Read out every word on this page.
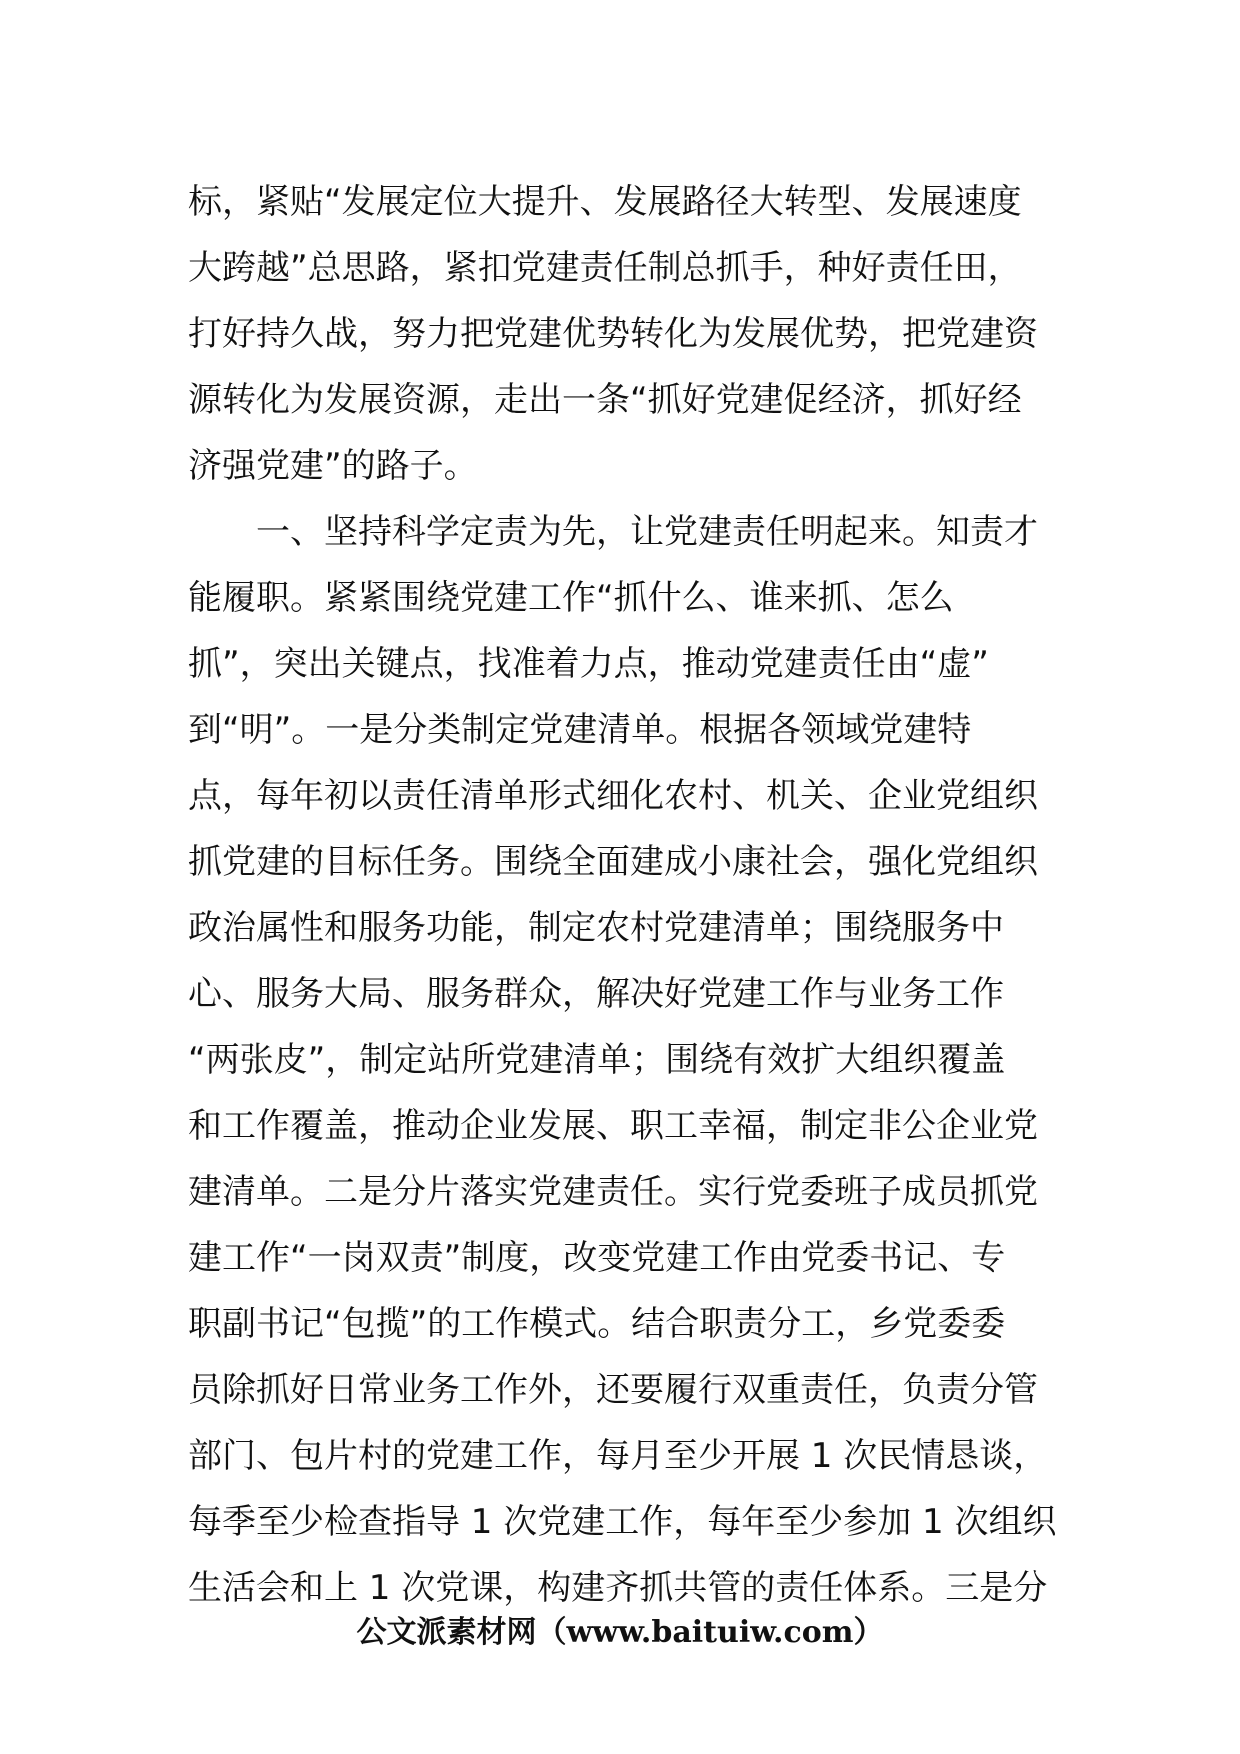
标，紧贴“发展定位大提升、发展路径大转型、发展速度
大跨越”总思路，紧扣党建责任制总抓手，种好责任田，
打好持久战，努力把党建优势转化为发展优势，把党建资
源转化为发展资源，走出一条“抓好党建促经济，抓好经
济强党建”的路子。
一、坚持科学定责为先，让党建责任明起来。知责才
能履职。紧紧围绕党建工作“抓什么、谁来抓、怎么
抓”，突出关键点，找准着力点，推动党建责任由“虚”
到“明”。一是分类制定党建清单。根据各领域党建特
点，每年初以责任清单形式细化农村、机关、企业党组织
抓党建的目标任务。围绕全面建成小康社会，强化党组织
政治属性和服务功能，制定农村党建清单；围绕服务中
心、服务大局、服务群众，解决好党建工作与业务工作
“两张皮”，制定站所党建清单；围绕有效扩大组织覆盖
和工作覆盖，推动企业发展、职工幸福，制定非公企业党
建清单。二是分片落实党建责任。实行党委班子成员抓党
建工作“一岗双责”制度，改变党建工作由党委书记、专
职副书记“包揽”的工作模式。结合职责分工，乡党委委
员除抓好日常业务工作外，还要履行双重责任，负责分管
部门、包片村的党建工作，每月至少开展 1 次民情恳谈，
每季至少检查指导 1 次党建工作，每年至少参加 1 次组织
生活会和上 1 次党课，构建齐抓共管的责任体系。三是分
公文派素材网（www.baituiw.com）
